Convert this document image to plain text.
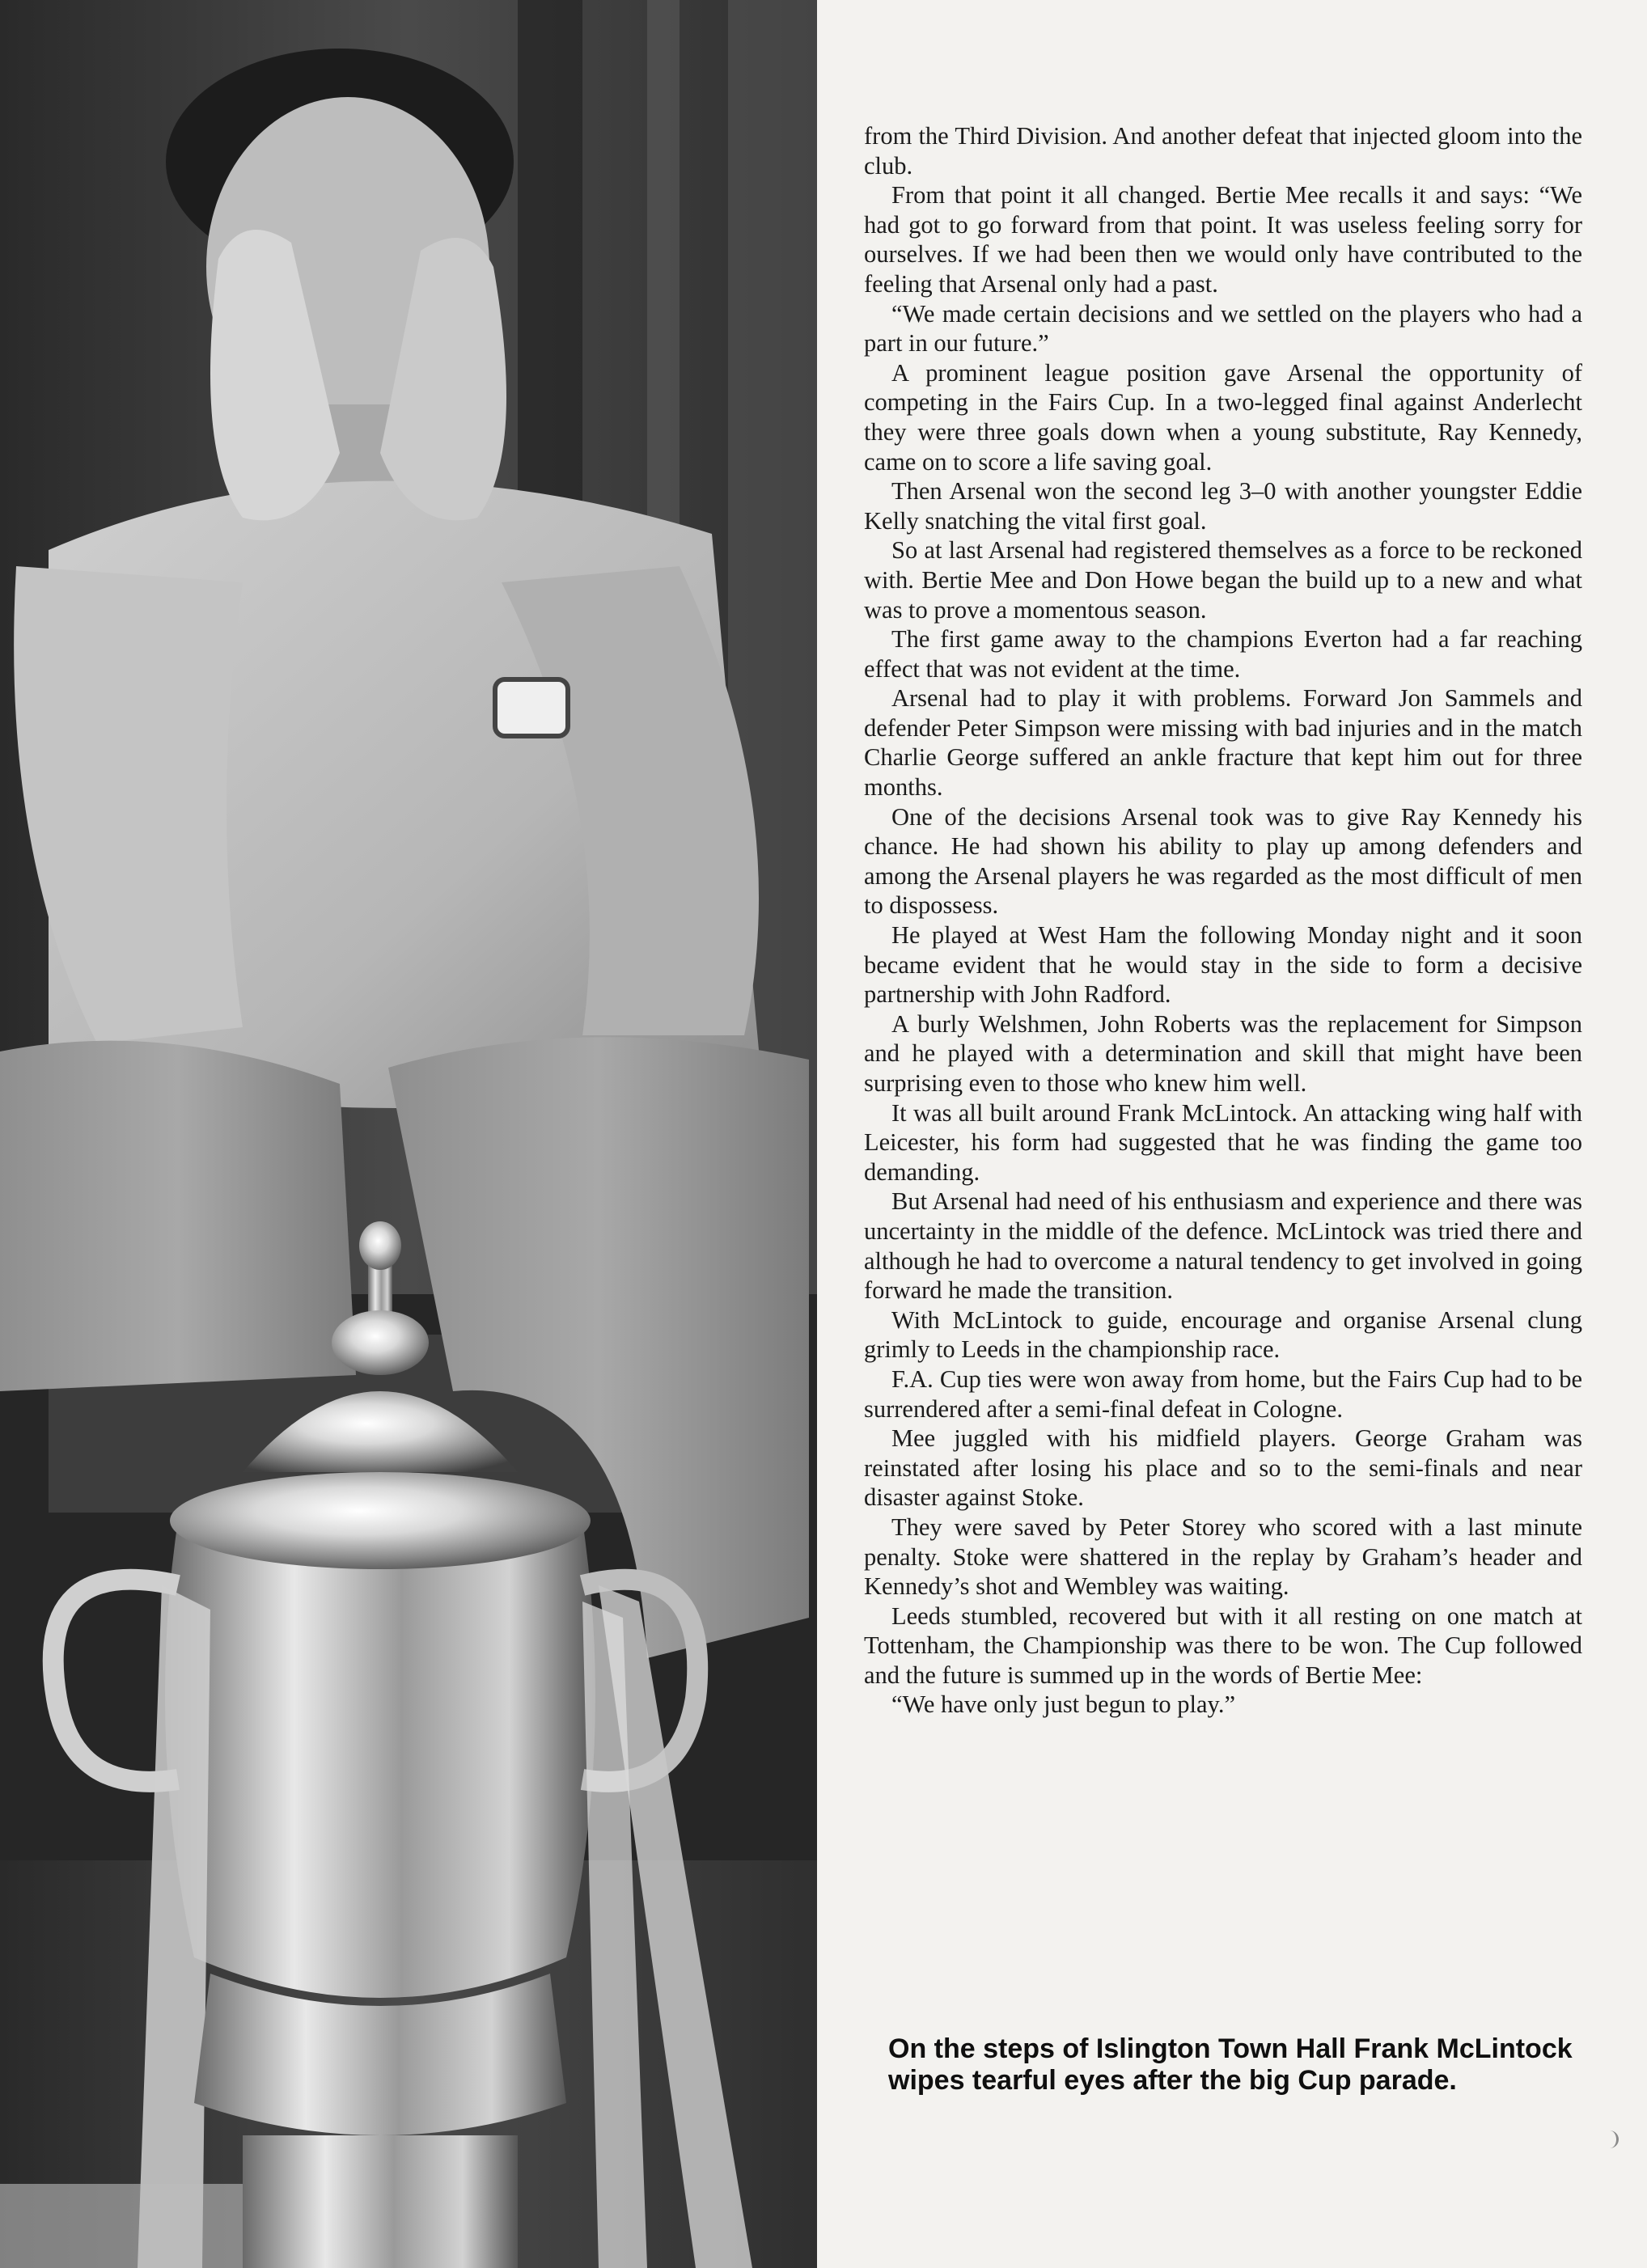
from the Third Division. And another defeat that injected gloom into the club.

From that point it all changed. Bertie Mee recalls it and says: “We had got to go forward from that point. It was useless feeling sorry for ourselves. If we had been then we would only have contributed to the feeling that Arsenal only had a past.

“We made certain decisions and we settled on the players who had a part in our future.”

A prominent league position gave Arsenal the opportunity of competing in the Fairs Cup. In a two-legged final against Anderlecht they were three goals down when a young substitute, Ray Kennedy, came on to score a life saving goal.

Then Arsenal won the second leg 3–0 with another youngster Eddie Kelly snatching the vital first goal.

So at last Arsenal had registered themselves as a force to be reckoned with. Bertie Mee and Don Howe began the build up to a new and what was to prove a momentous season.

The first game away to the champions Everton had a far reaching effect that was not evident at the time.

Arsenal had to play it with problems. Forward Jon Sammels and defender Peter Simpson were missing with bad injuries and in the match Charlie George suffered an ankle fracture that kept him out for three months.

One of the decisions Arsenal took was to give Ray Kennedy his chance. He had shown his ability to play up among defenders and among the Arsenal players he was regarded as the most difficult of men to dispossess.

He played at West Ham the following Monday night and it soon became evident that he would stay in the side to form a decisive partnership with John Radford.

A burly Welshmen, John Roberts was the replacement for Simpson and he played with a determination and skill that might have been surprising even to those who knew him well.

It was all built around Frank McLintock. An attacking wing half with Leicester, his form had suggested that he was finding the game too demanding.

But Arsenal had need of his enthusiasm and experience and there was uncertainty in the middle of the defence. McLintock was tried there and although he had to overcome a natural tendency to get involved in going forward he made the transition.

With McLintock to guide, encourage and organise Arsenal clung grimly to Leeds in the championship race.

F.A. Cup ties were won away from home, but the Fairs Cup had to be surrendered after a semi-final defeat in Cologne.

Mee juggled with his midfield players. George Graham was reinstated after losing his place and so to the semi-finals and near disaster against Stoke.

They were saved by Peter Storey who scored with a last minute penalty. Stoke were shattered in the replay by Graham’s header and Kennedy’s shot and Wembley was waiting.

Leeds stumbled, recovered but with it all resting on one match at Tottenham, the Championship was there to be won. The Cup followed and the future is summed up in the words of Bertie Mee:

“We have only just begun to play.”

On the steps of Islington Town Hall Frank McLintock wipes tearful eyes after the big Cup parade.
